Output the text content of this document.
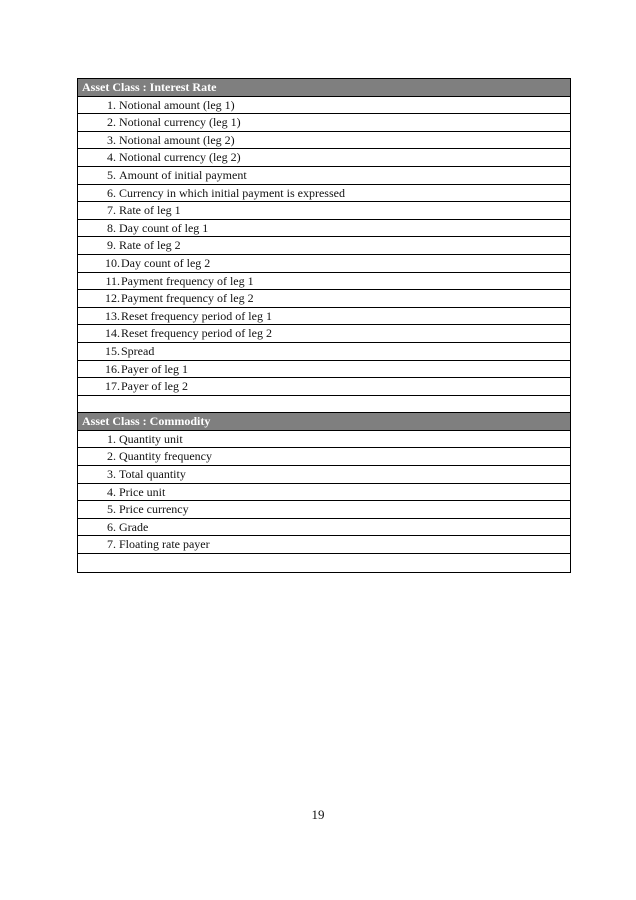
Asset Class : Interest Rate
1. Notional amount (leg 1)
2. Notional currency (leg 1)
3. Notional amount (leg 2)
4. Notional currency (leg 2)
5. Amount of initial payment
6. Currency in which initial payment is expressed
7. Rate of leg 1
8. Day count of leg 1
9. Rate of leg 2
10. Day count of leg 2
11. Payment frequency of leg 1
12. Payment frequency of leg 2
13. Reset frequency period of leg 1
14. Reset frequency period of leg 2
15. Spread
16. Payer of leg 1
17. Payer of leg 2
Asset Class : Commodity
1. Quantity unit
2. Quantity frequency
3. Total quantity
4. Price unit
5. Price currency
6. Grade
7. Floating rate payer
19
